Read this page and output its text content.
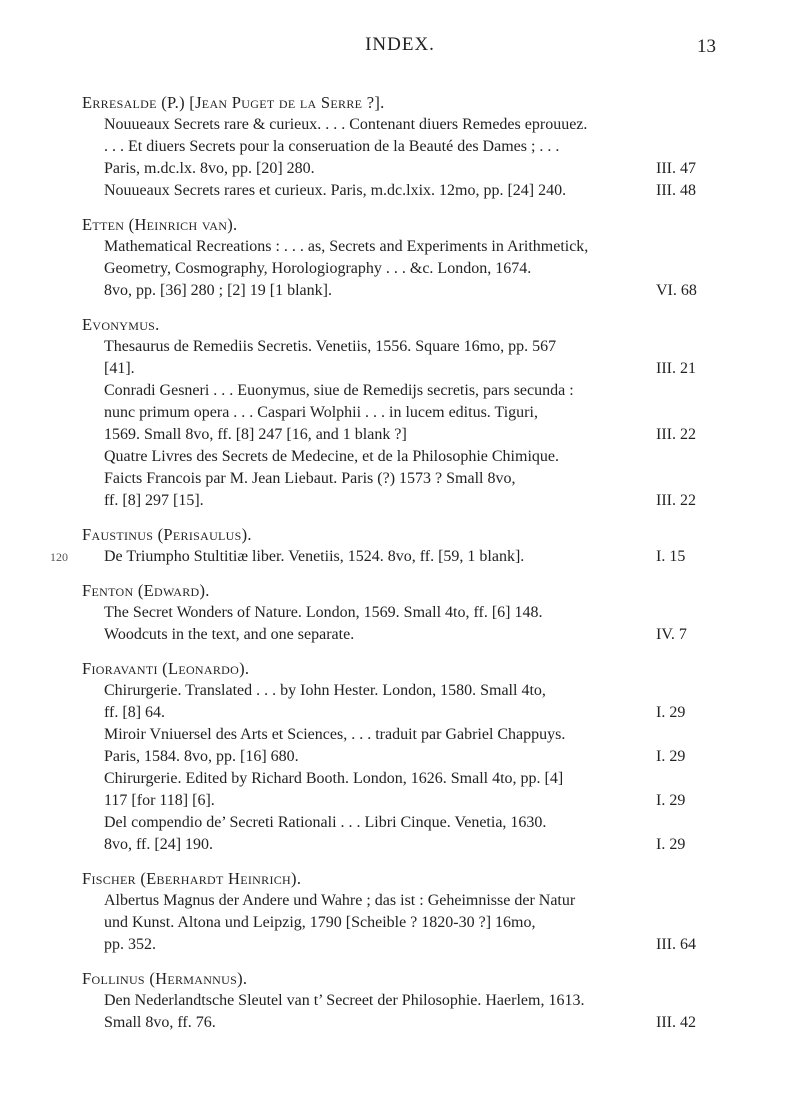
INDEX.	13
120
Erresalde (P.) [Jean Puget de la Serre ?].
Nouueaux Secrets rare & curieux. . . . Contenant diuers Remedes eprouuez.
. . . Et diuers Secrets pour la conseruation de la Beauté des Dames ; . . .
Paris, m.dc.lx. 8vo, pp. [20] 280.	III. 47
Nouueaux Secrets rares et curieux. Paris, m.dc.lxix. 12mo, pp. [24] 240.	III. 48
Etten (Heinrich van).
Mathematical Recreations : . . . as, Secrets and Experiments in Arithmetick,
Geometry, Cosmography, Horologiography . . . &c. London, 1674.
8vo, pp. [36] 280 ; [2] 19 [1 blank].	VI. 68
Evonymus.
Thesaurus de Remediis Secretis. Venetiis, 1556. Square 16mo, pp. 567
[41].	III. 21
Conradi Gesneri . . . Euonymus, siue de Remedijs secretis, pars secunda :
nunc primum opera . . . Caspari Wolphii . . . in lucem editus. Tiguri,
1569. Small 8vo, ff. [8] 247 [16, and 1 blank ?]	III. 22
Quatre Livres des Secrets de Medecine, et de la Philosophie Chimique.
Faicts Francois par M. Jean Liebaut. Paris (?) 1573 ? Small 8vo,
ff. [8] 297 [15].	III. 22
Faustinus (Perisaulus).
De Triumpho Stultitiæ liber. Venetiis, 1524. 8vo, ff. [59, 1 blank].	I. 15
Fenton (Edward).
The Secret Wonders of Nature. London, 1569. Small 4to, ff. [6] 148.
Woodcuts in the text, and one separate.	IV. 7
Fioravanti (Leonardo).
Chirurgerie. Translated . . . by Iohn Hester. London, 1580. Small 4to,
ff. [8] 64.	I. 29
Miroir Vniuersel des Arts et Sciences, . . . traduit par Gabriel Chappuys.
Paris, 1584. 8vo, pp. [16] 680.	I. 29
Chirurgerie. Edited by Richard Booth. London, 1626. Small 4to, pp. [4]
117 [for 118] [6].	I. 29
Del compendio de’ Secreti Rationali . . . Libri Cinque. Venetia, 1630.
8vo, ff. [24] 190.	I. 29
Fischer (Eberhardt Heinrich).
Albertus Magnus der Andere und Wahre ; das ist : Geheimnisse der Natur
und Kunst. Altona und Leipzig, 1790 [Scheible ? 1820-30 ?] 16mo,
pp. 352.	III. 64
Follinus (Hermannus).
Den Nederlandtsche Sleutel van t’ Secreet der Philosophie. Haerlem, 1613.
Small 8vo, ff. 76.	III. 42
